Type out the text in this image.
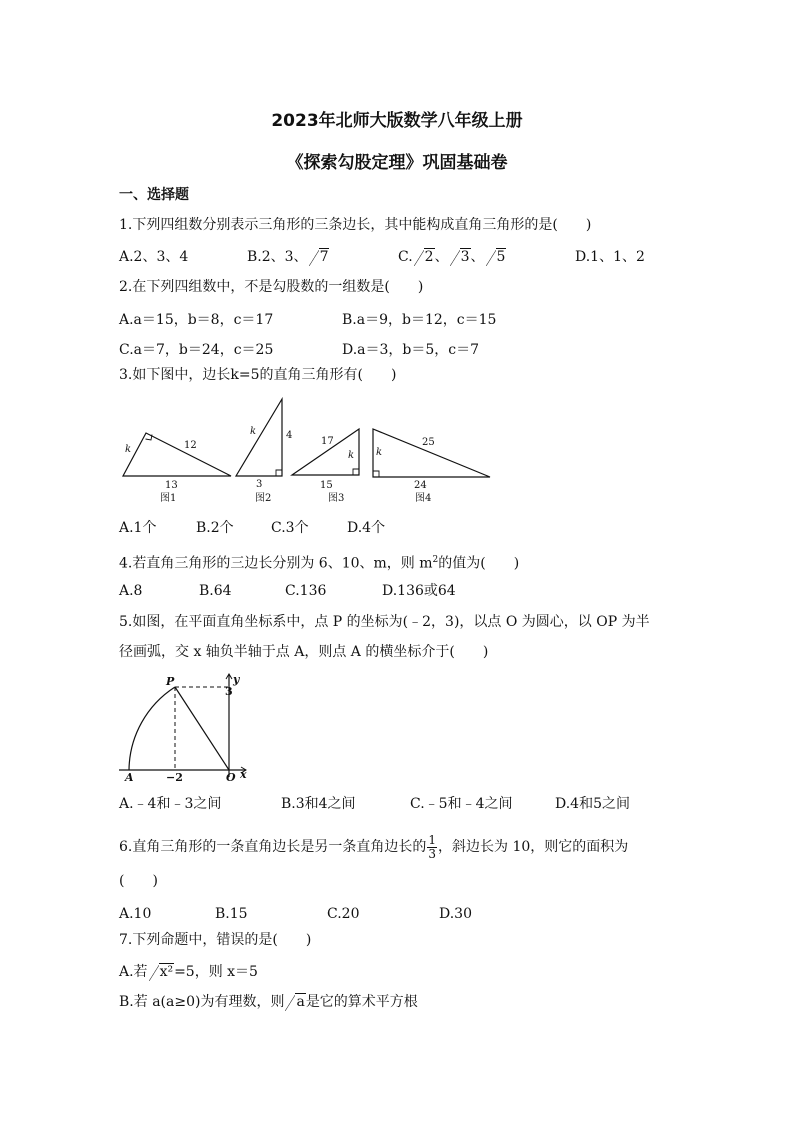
2023年北师大版数学八年级上册
《探索勾股定理》巩固基础卷
一、选择题
1.下列四组数分别表示三角形的三条边长，其中能构成直角三角形的是(　　)
A.2、3、4	B.2、3、 7	C. 2、 3、 5	D.1、1、2
2.在下列四组数中，不是勾股数的一组数是(　　)
A.a＝15，b＝8，c＝17	B.a＝9，b＝12，c＝15
C.a＝7，b＝24，c＝25	D.a＝3，b＝5，c＝7
3.如下图中，边长k=5的直角三角形有(　　)
k
k
k k
12
13
4
3
17
15
25
24
图1	图2	图3	图4
P	y
A	O x
3
−2
A.1个	B.2个	C.3个	D.4个
4.若直角三角形的三边长分别为 6、10、m，则 $m^2$的值为(　　)
A.8	B.64	C.136	D.136或64
5.如图，在平面直角坐标系中，点 P 的坐标为(﹣2，3)，以点 O 为圆心，以 OP 为半
径画弧，交 x 轴负半轴于点 A，则点 A 的横坐标介于(　　)
A.﹣4和﹣3之间	B.3和4之间	C.﹣5和﹣4之间	D.4和5之间
6.直角三角形的一条直角边长是另一条直角边长的 $\frac{1}{3}$ ，斜边长为 10，则它的面积为
(　　)
A.10	B.15	C.20	D.30
7.下列命题中，错误的是(　　)
A.若 x²=5，则 x＝5
B.若 a(a≥0)为有理数，则 a是它的算术平方根
